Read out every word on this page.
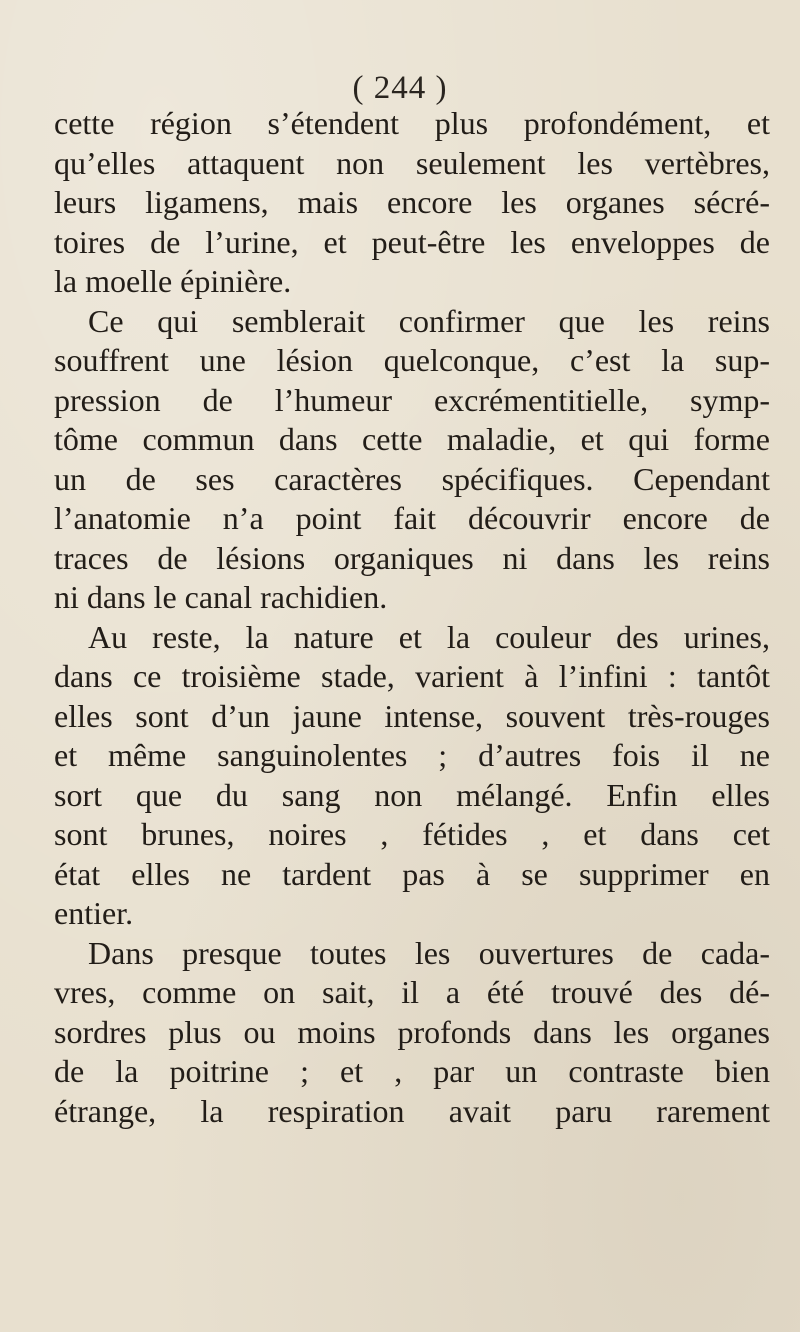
( 244 )
cette région s’étendent plus profondément, et
qu’elles attaquent non seulement les vertèbres,
leurs ligamens, mais encore les organes sécré-
toires de l’urine, et peut-être les enveloppes de
la moelle épinière.
Ce qui semblerait confirmer que les reins
souffrent une lésion quelconque, c’est la sup-
pression de l’humeur excrémentitielle, symp-
tôme commun dans cette maladie, et qui forme
un de ses caractères spécifiques. Cependant
l’anatomie n’a point fait découvrir encore de
traces de lésions organiques ni dans les reins
ni dans le canal rachidien.
Au reste, la nature et la couleur des urines,
dans ce troisième stade, varient à l’infini : tantôt
elles sont d’un jaune intense, souvent très-rouges
et même sanguinolentes ; d’autres fois il ne
sort que du sang non mélangé. Enfin elles
sont brunes, noires , fétides , et dans cet
état elles ne tardent pas à se supprimer en
entier.
Dans presque toutes les ouvertures de cada-
vres, comme on sait, il a été trouvé des dé-
sordres plus ou moins profonds dans les organes
de la poitrine ; et , par un contraste bien
étrange, la respiration avait paru rarement
